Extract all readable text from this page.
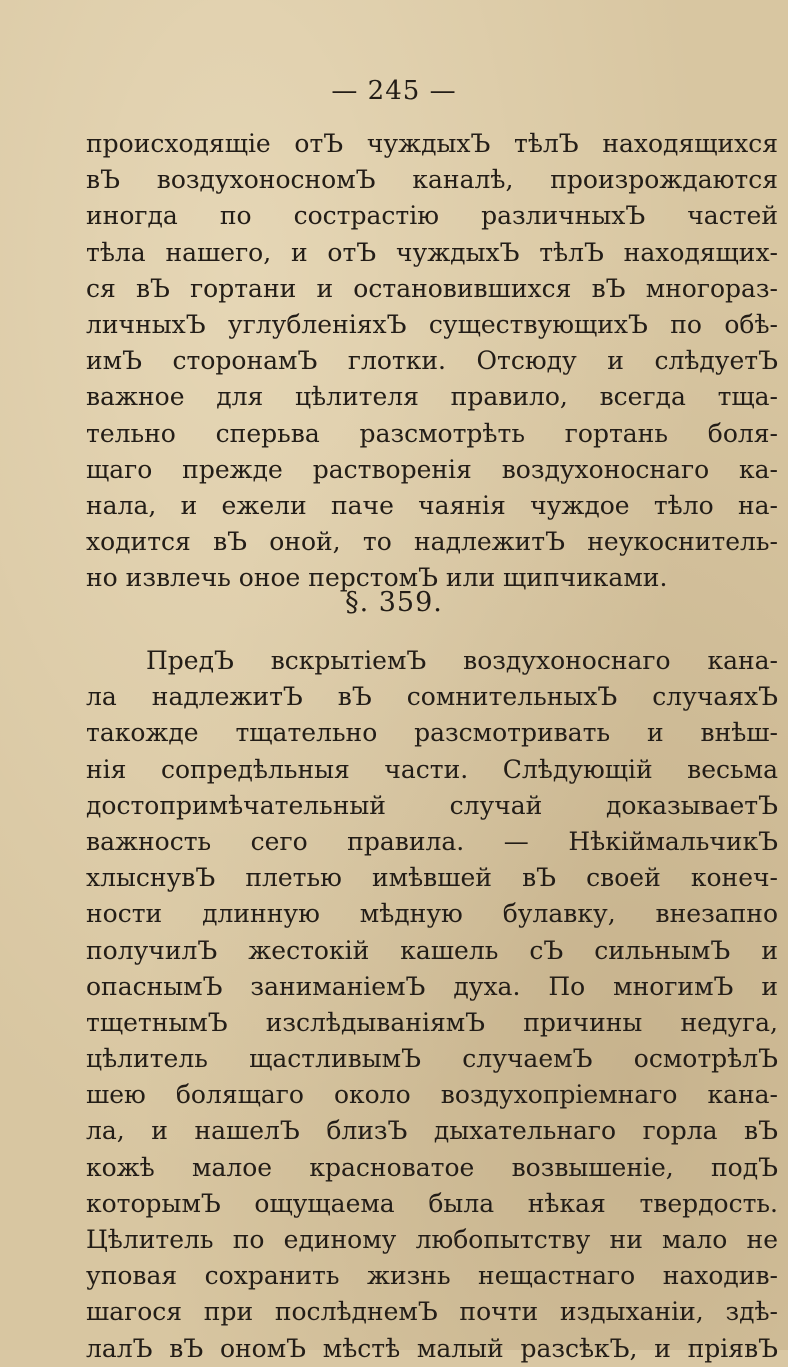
— 245 —
происходящіе отЪ чуждыхЪ тѣлЪ находящихся
вЪ воздухоносномЪ каналѣ, произрождаются
иногда по сострастію различныхЪ частей
тѣла нашего, и отЪ чуждыхЪ тѣлЪ находящих-
ся вЪ гортани и остановившихся вЪ многораз-
личныхЪ углубленіяхЪ существующихЪ по обѣ-
имЪ сторонамЪ глотки. Отсюду и слѣдуетЪ
важное для цѣлителя правило, всегда тща-
тельно сперьва разсмотрѣть гортань боля-
щаго прежде растворенія воздухоноснаго ка-
нала, и ежели паче чаянія чуждое тѣло на-
ходится вЪ оной, то надлежитЪ неукоснитель-
но извлечь оное перстомЪ или щипчиками.
§. 359.
ПредЪ вскрытіемЪ воздухоноснаго кана-
ла надлежитЪ вЪ сомнительныхЪ случаяхЪ
такожде тщательно разсмотривать и внѣш-
нія сопредѣльныя части. Слѣдующій весьма
достопримѣчательный случай доказываетЪ
важность сего правила. — НѣкіймальчикЪ
хлыснувЪ плетью имѣвшей вЪ своей конеч-
ности длинную мѣдную булавку, внезапно
получилЪ жестокій кашель сЪ сильнымЪ и
опаснымЪ заниманіемЪ духа. По многимЪ и
тщетнымЪ изслѣдываніямЪ причины недуга,
цѣлитель щастливымЪ случаемЪ осмотрѣлЪ
шею болящаго около воздухопріемнаго кана-
ла, и нашелЪ близЪ дыхательнаго горла вЪ
кожѣ малое красноватое возвышеніе, подЪ
которымЪ ощущаема была нѣкая твердость.
Цѣлитель по единому любопытству ни мало не
уповая сохранить жизнь нещастнаго находив-
шагося при послѣднемЪ почти издыханіи, здѣ-
лалЪ вЪ ономЪ мѣстѣ малый разсѣкЪ, и пріявЪ
